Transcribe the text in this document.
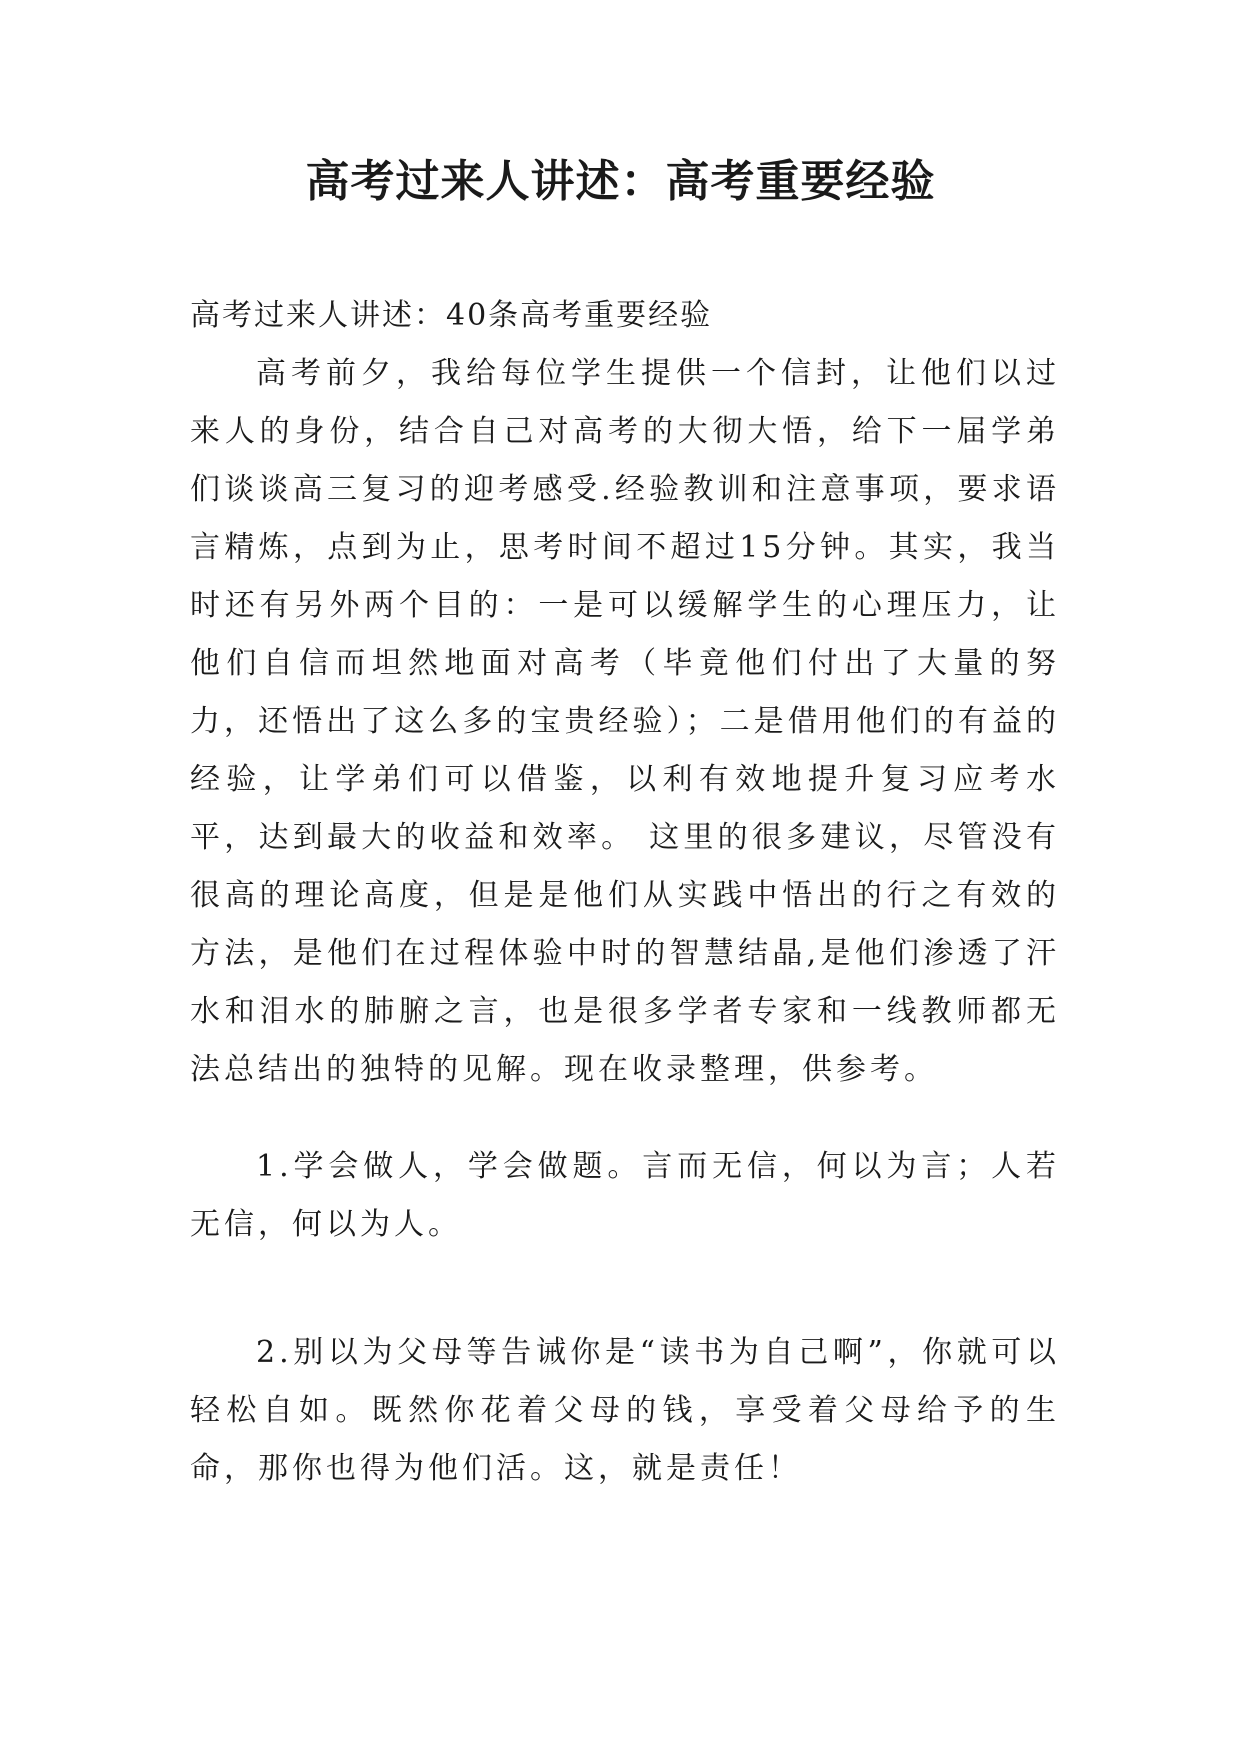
高考过来人讲述：高考重要经验

高考过来人讲述：40条高考重要经验

高考前夕，我给每位学生提供一个信封，让他们以过来人的身份，结合自己对高考的大彻大悟，给下一届学弟们谈谈高三复习的迎考感受.经验教训和注意事项，要求语言精炼，点到为止，思考时间不超过15分钟。其实，我当时还有另外两个目的：一是可以缓解学生的心理压力，让他们自信而坦然地面对高考（毕竟他们付出了大量的努力，还悟出了这么多的宝贵经验）；二是借用他们的有益的经验，让学弟们可以借鉴，以利有效地提升复习应考水平，达到最大的收益和效率。 这里的很多建议，尽管没有很高的理论高度，但是是他们从实践中悟出的行之有效的方法，是他们在过程体验中时的智慧结晶,是他们渗透了汗水和泪水的肺腑之言，也是很多学者专家和一线教师都无法总结出的独特的见解。现在收录整理，供参考。

1.学会做人，学会做题。言而无信，何以为言；人若无信，何以为人。

2.别以为父母等告诫你是“读书为自己啊”，你就可以轻松自如。既然你花着父母的钱，享受着父母给予的生命，那你也得为他们活。这，就是责任！
